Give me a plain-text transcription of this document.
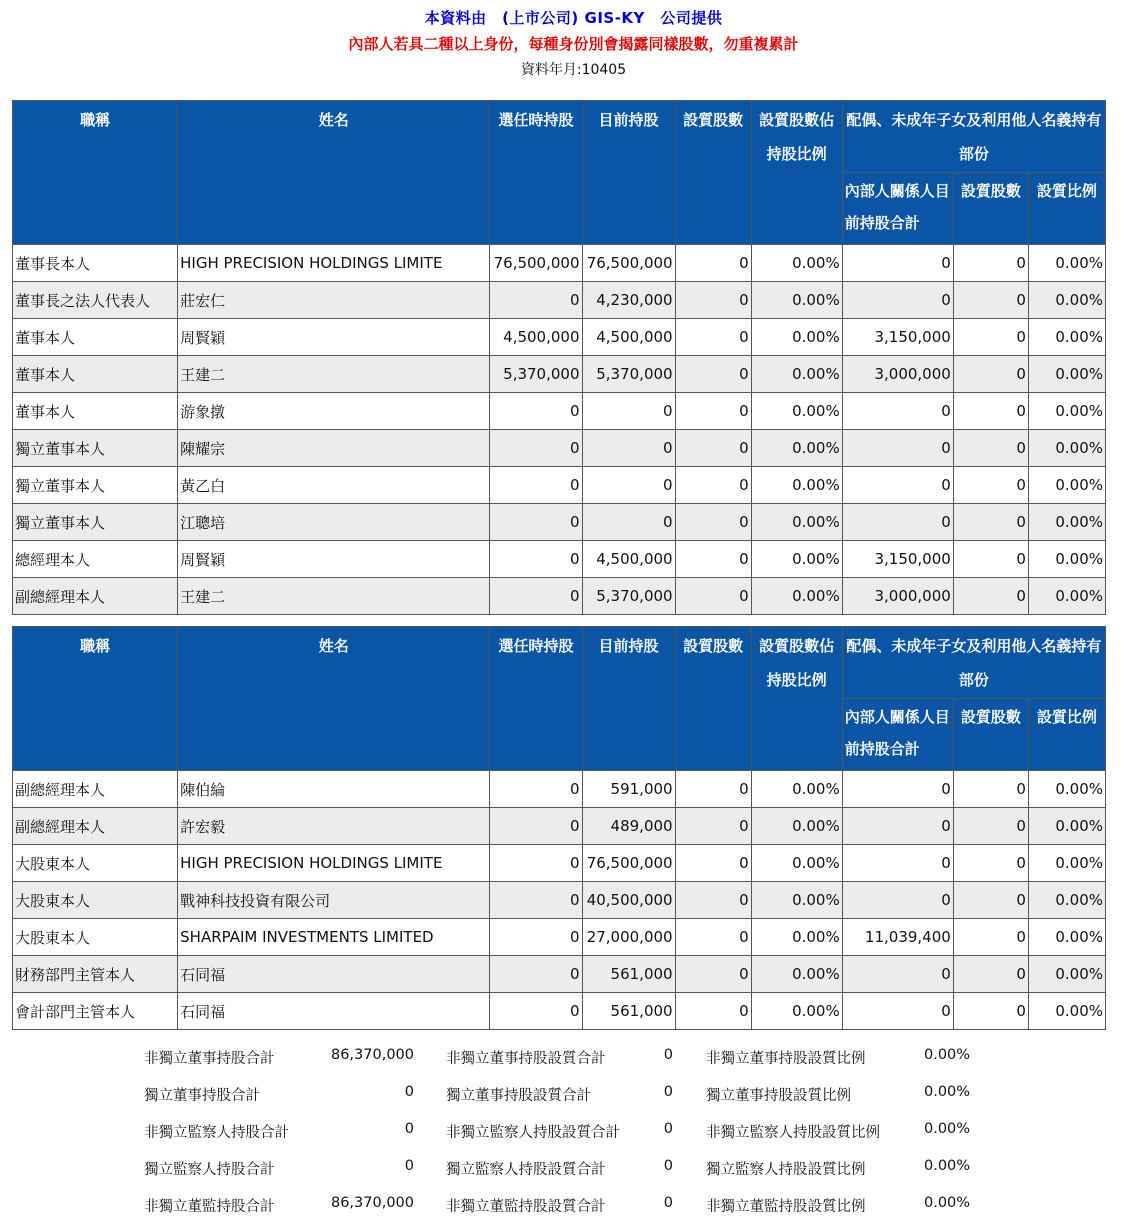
本資料由　(上市公司) GIS-KY　公司提供
內部人若具二種以上身份，每種身份別會揭露同樣股數，勿重複累計
資料年月:10405
職稱	姓名	選任時持股	目前持股	設質股數	設質股數佔持股比例	配偶、未成年子女及利用他人名義持有部份		
						內部人關係人目前持股合計	設質股數	設質比例
董事長本人	HIGH PRECISION HOLDINGS LIMITE	76,500,000	76,500,000	0	0.00%	0	0	0.00%
董事長之法人代表人	莊宏仁	0	4,230,000	0	0.00%	0	0	0.00%
董事本人	周賢穎	4,500,000	4,500,000	0	0.00%	3,150,000	0	0.00%
董事本人	王建二	5,370,000	5,370,000	0	0.00%	3,000,000	0	0.00%
董事本人	游象撴	0	0	0	0.00%	0	0	0.00%
獨立董事本人	陳耀宗	0	0	0	0.00%	0	0	0.00%
獨立董事本人	黃乙白	0	0	0	0.00%	0	0	0.00%
獨立董事本人	江聰培	0	0	0	0.00%	0	0	0.00%
總經理本人	周賢穎	0	4,500,000	0	0.00%	3,150,000	0	0.00%
副總經理本人	王建二	0	5,370,000	0	0.00%	3,000,000	0	0.00%
職稱	姓名	選任時持股	目前持股	設質股數	設質股數佔持股比例	配偶、未成年子女及利用他人名義持有部份		
						內部人關係人目前持股合計	設質股數	設質比例
副總經理本人	陳伯綸	0	591,000	0	0.00%	0	0	0.00%
副總經理本人	許宏毅	0	489,000	0	0.00%	0	0	0.00%
大股東本人	HIGH PRECISION HOLDINGS LIMITE	0	76,500,000	0	0.00%	0	0	0.00%
大股東本人	戰神科技投資有限公司	0	40,500,000	0	0.00%	0	0	0.00%
大股東本人	SHARPAIM INVESTMENTS LIMITED	0	27,000,000	0	0.00%	11,039,400	0	0.00%
財務部門主管本人	石同福	0	561,000	0	0.00%	0	0	0.00%
會計部門主管本人	石同福	0	561,000	0	0.00%	0	0	0.00%
非獨立董事持股合計	86,370,000 非獨立董事持股設質合計	0 非獨立董事持股設質比例	0.00%
獨立董事持股合計	0 獨立董事持股設質合計	0 獨立董事持股設質比例	0.00%
非獨立監察人持股合計	0 非獨立監察人持股設質合計	0 非獨立監察人持股設質比例	0.00%
獨立監察人持股合計	0 獨立監察人持股設質合計	0 獨立監察人持股設質比例	0.00%
非獨立董監持股合計	86,370,000 非獨立董監持股設質合計	0 非獨立董監持股設質比例	0.00%
